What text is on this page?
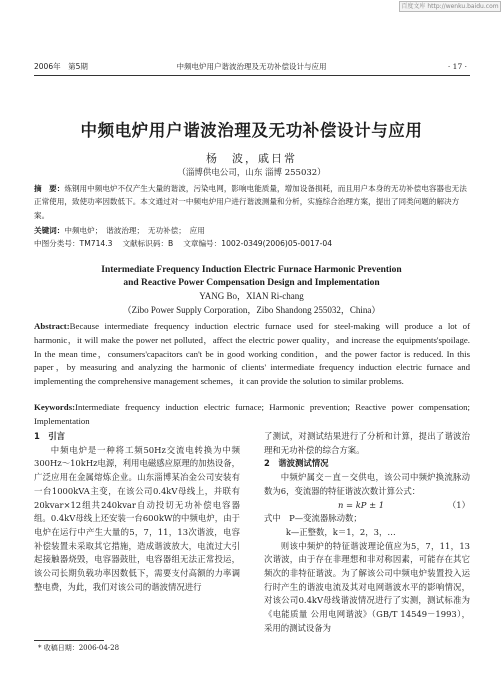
百度文库 http://wenku.baidu.com
2006年　第5期	中频电炉用户谐波治理及无功补偿设计与应用	· 17 ·
中频电炉用户谐波治理及无功补偿设计与应用
杨　波，戚日常
（淄博供电公司，山东 淄博 255032）
摘　要：炼钢用中频电炉不仅产生大量的谐波，污染电网，影响电能质量，增加设备损耗，而且用户本身的无功补偿电容器也无法正常使用，致使功率因数低下。本文通过对一中频电炉用户进行谐波测量和分析，实施综合治理方案，提出了同类问题的解决方案。
关键词：中频电炉；　谐波治理；　无功补偿；　应用
中图分类号：TM714.3 文献标识码：B 文章编号：1002-0349(2006)05-0017-04
Intermediate Frequency Induction Electric Furnace Harmonic Prevention
and Reactive Power Compensation Design and Implementation
YANG Bo，XIAN Ri-chang
（Zibo Power Supply Corporation，Zibo Shandong 255032，China）
Abstract:Because intermediate frequency induction electric furnace used for steel-making will produce a lot of harmonic，it will make the power net polluted，affect the electric power quality，and increase the equipments'spoilage. In the mean time，consumers'capacitors can't be in good working condition，and the power factor is reduced. In this paper，by measuring and analyzing the harmonic of clients' intermediate frequency induction electric furnace and implementing the comprehensive management schemes，it can provide the solution to similar problems.
Keywords:Intermediate frequency induction electric furnace; Harmonic prevention; Reactive power compensation; Implementation

1　引言

中频电炉是一种将工频50Hz交流电转换为中频300Hz～10kHz电源，利用电磁感应原理的加热设备，广泛应用在金属熔炼企业。山东淄博某冶金公司安装有一台1000kVA主变，在该公司0.4kV母线上，并联有20kvar×12组共240kvar自动投切无功补偿电容器组。0.4kV母线上还安装一台600kW的中频电炉，由于电炉在运行中产生大量的5，7，11，13次谐波，电容补偿装置未采取其它措施，造成谐波放大，电流过大引起接触器烧毁，电容器鼓肚，电容器组无法正常投运，该公司长期负载功率因数低下，需要支付高额的力率调整电费，为此，我们对该公司的谐波情况进行

了测试，对测试结果进行了分析和计算，提出了谐波治理和无功补偿的综合方案。

2　谐波测试情况

中频炉属交－直－交供电，该公司中频炉换流脉动数为6，变流器的特征谐波次数计算公式：

n = kP ± 1	（1）

式中　P—变流器脉动数；

k—正整数，k＝1，2，3，…

则该中频炉的特征谐波理论值应为5，7，11，13次谐波，由于存在非理想和非对称因素，可能存在其它频次的非特征谐波。为了解该公司中频电炉装置投入运行时产生的谐波电流及其对电网谐波水平的影响情况，对该公司0.4kV母线谐波情况进行了实测，测试标准为《电能质量 公用电网谐波》（GB/T 14549－1993），采用的测试设备为

* 收稿日期：2006-04-28
